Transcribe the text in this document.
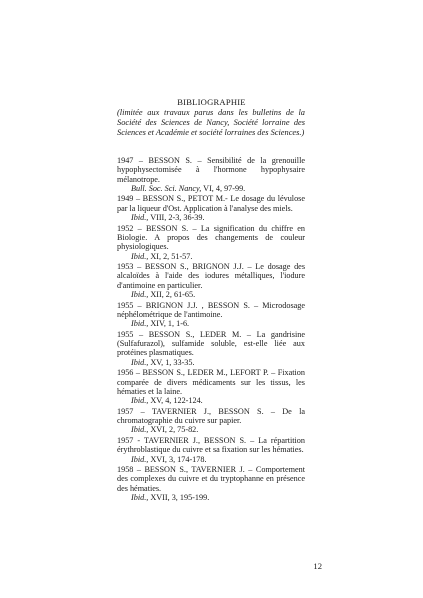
BIBLIOGRAPHIE
(limitée aux travaux parus dans les bulletins de la Société des Sciences de Nancy, Société lorraine des Sciences et Académie et société lorraines des Sciences.)
1947 – BESSON S. – Sensibilité de la grenouille hypophysectomisée à l'hormone hypophysaire mélanotrope.
Bull. Soc. Sci. Nancy, VI, 4, 97-99.
1949 – BESSON S., PETOT M.- Le dosage du lévulose par la liqueur d'Ost. Application à l'analyse des miels.
Ibid., VIII, 2-3, 36-39.
1952 – BESSON S. – La signification du chiffre en Biologie. A propos des changements de couleur physiologiques.
Ibid., XI, 2, 51-57.
1953 – BESSON S., BRIGNON J.J. – Le dosage des alcaloïdes à l'aide des iodures métalliques, l'iodure d'antimoine en particulier.
Ibid., XII, 2, 61-65.
1955 – BRIGNON J.J. , BESSON S. – Microdosage néphélométrique de l'antimoine.
Ibid., XIV, 1, 1-6.
1955 – BESSON S., LEDER M. – La gandrisine (Sulfafurazol), sulfamide soluble, est-elle liée aux protéines plasmatiques.
Ibid., XV, 1, 33-35.
1956 – BESSON S., LEDER M., LEFORT P. – Fixation comparée de divers médicaments sur les tissus, les hématies et la laine.
Ibid., XV, 4, 122-124.
1957 – TAVERNIER J., BESSON S. – De la chromatographie du cuivre sur papier.
Ibid., XVI, 2, 75-82.
1957 - TAVERNIER J., BESSON S. – La répartition érythroblastique du cuivre et sa fixation sur les hématies.
Ibid., XVI, 3, 174-178.
1958 – BESSON S., TAVERNIER J. – Comportement des complexes du cuivre et du tryptophanne en présence des hématies.
Ibid., XVII, 3, 195-199.
12
